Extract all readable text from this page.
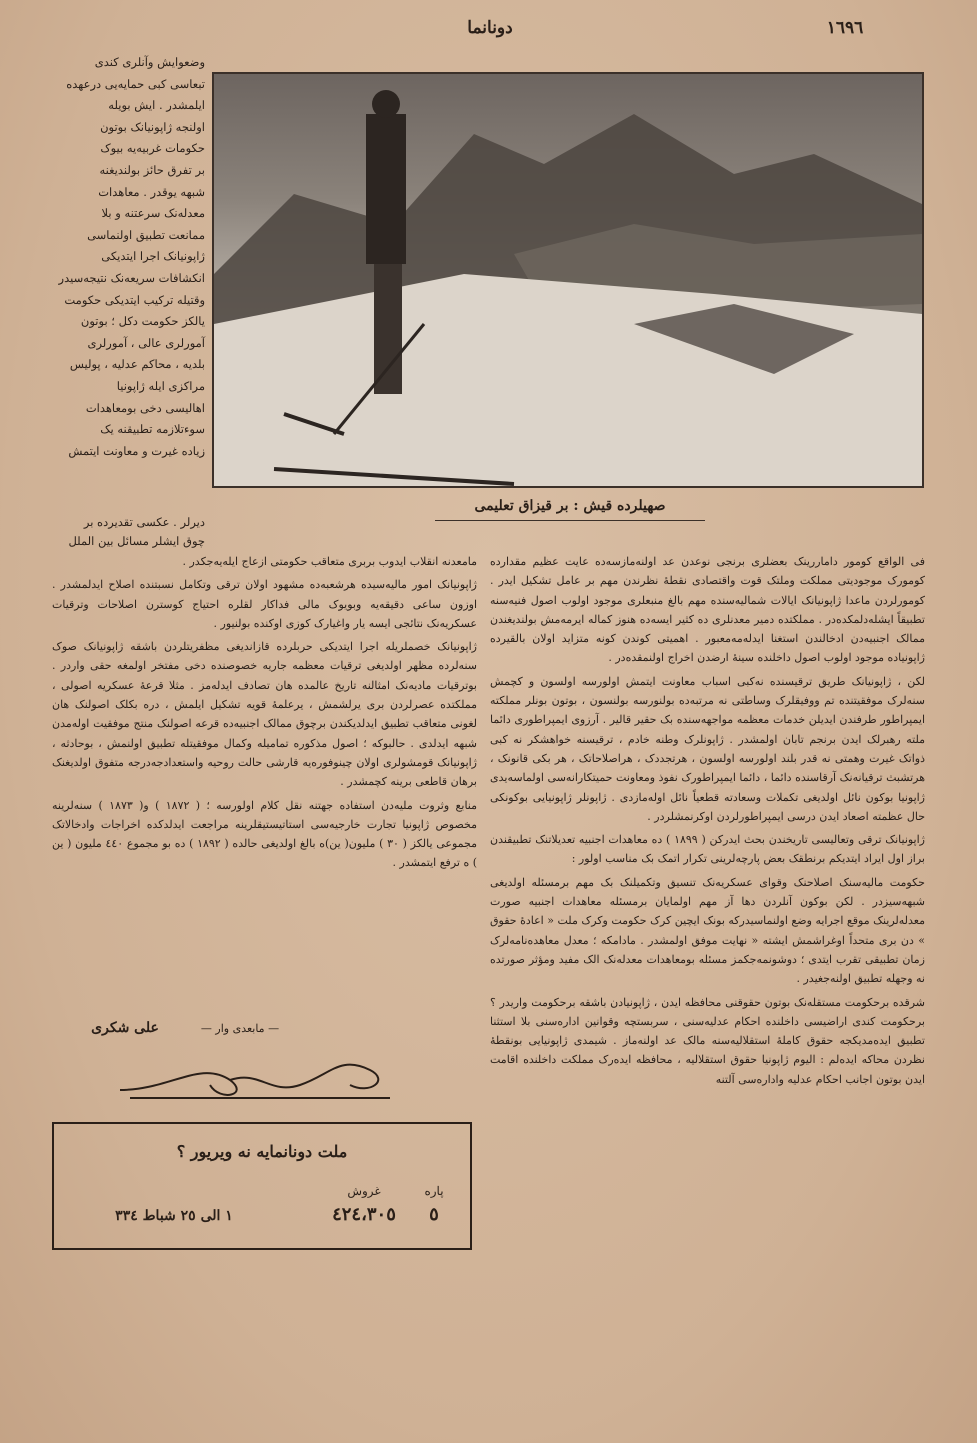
دونانما	١٦٩٦
وضعوایش وآنلری کندی
تبعاسی کبی حمایەیی درعهدە
ایلمشدر . ایش بویلە
اولنجە ژاپونیانک بوتون
حکومات غربیەیە بیوک
بر تفرق حائز بولندیغنە
شبهە یوقدر . معاهدات
معدلەنک سرعتنە و بلا
ممانعت تطبیق اولنماسی
ژاپونیانک اجرا ایتدیکی
انکشافات سریعەنک نتیجەسیدر
وقتیلە ترکیب ایتدیکی حکومت
یالکز حکومت دکل ؛ بوتون
آمورلری عالی ، آمورلری
بلدیە ، محاکم عدلیە ، پولیس
مراکزی ایلە ژاپونیا
اهالیسی دخی بومعاهدات
سوءتلازمە تطبیقنە یک
زیادە غیرت و معاونت ایتمش
دیرلر . عکسی تقدیردە بر
چوق ایشلر مسائل بین الملل
صهیلردە قیش : بر قیزاق تعلیمی

فی الواقع کومور داماررینک بعضلری برنجی نوعدن عد اولنەمازسەدە عایت عظیم مقداردە کومورک موجودیتی مملکت وملتک قوت واقتصادی نقطۀ نظرندن مهم بر عامل تشکیل ایدر . کومورلردن ماعدا ژاپونیانک ایالات شمالیەسندە مهم بالغ منبعلری موجود اولوب اصول فنیەسنە تطبیقاً ایشلەدلمکدەدر . مملکتدە دمیر معدنلری دە کثیر ایسەدە هنوز کماله ایرمەمش بولندیغندن ممالک اجنبیەدن ادخالندن استغنا ایدلەمەمعبور . اهمیتی کوندن کونە متزاید اولان بالقیردە ژاپونیادە موجود اولوب اصول داخلندە سینهٔ ارضدن اخراج اولنمقدەدر .

لکن ، ژاپونیانک طریق ترقیسندە نەکبی اسباب معاونت ایتمش اولورسە اولسون و کچمش سنەلرک موفقیتندە تم ووفیقلرک وساطتی نە مرتبەدە بولنورسە بولنسون ، بوتون بونلر مملکتە ایمپراطور طرفندن ایدیلن خدمات معظمە مواجهەسندە بک حقیر قالیر . آرزوی ایمپراطوری دائما ملتە رهبرلک ایدن برنجم تابان اولمشدر . ژاپونلرک وطنە خادم ، ترقیسنە خواهشکر نە کبی ذواتک غیرت وهمتی نە قدر بلند اولورسە اولسون ، هرتجددک ، هراصلاحاتک ، هر بکی قانونک ، هرتشبث ترقیانەنک آرقاسندە دائما ، دائما ایمپراطورک نفوذ ومعاونت حمیتکارانەسی اولماسەیدی ژاپونیا بوکون نائل اولدیغی تکملات وسعادتە قطعیاً نائل اولەمازدی . ژاپونلر ژاپونیایی بوکونکی حال عظمتە اصعاد ایدن درسی ایمپراطورلردن اوکرنمشلردر .

ژاپونیانک ترقی وتعالیسی تاریخندن بحث ایدرکن ( ١٨٩٩ ) دە معاهدات اجنبیە تعدیلاتنک تطبیقندن براز اول ایراد ایتدیکم برنطقک بعض پارچەلرینی تکرار اتمک بک مناسب اولور :

حکومت مالیەسنک اصلاحنک وقوای عسکریەنک تنسیق وتکمیلنک بک مهم برمسئلە اولدیغی شبهەسیزدر . لکن بوکون آنلردن دها آز مهم اولمایان برمسئلە معاهدات اجنبیە صورت معدلەلرینک موقع اجرایە وضع اولنماسیدرکە بونک ایچین کرک حکومت وکرک ملت « اعادهٔ حقوق » دن بری متحداً اوغراشمش ایشتە « نهایت موفق اولمشدر . مادامکە ؛ معدل معاهدەنامەلرک زمان تطبیقی تقرب ایتدی ؛ دوشونمەجکمز مسئلە بومعاهدات معدلەنک الک مفید ومؤثر صورتدە نە وجهلە تطبیق اولنەجغیدر .

شرقدە برحکومت مستقلەنک بوتون حقوقنی محافظە ایدن ، ژاپونیادن باشقە برحکومت واریدر ؟ برحکومت کندی اراضیسی داخلندە احکام عدلیەسنی ، سربستچە وقوانین ادارەسنی بلا استثنا تطبیق ایدەمدیکجە حقوق کاملۀ استقلالیەسنە مالک عد اولنەماز . شیمدی ژاپونیایی بونقطهٔ نظردن محاکە ایدەلم : الیوم ژاپونیا حقوق استقلالیە ، محافظە ایدەرک مملکت داخلندە اقامت ایدن بوتون اجانب احکام عدلیە وادارەسی آلتنە

مامعدنە انقلاب ایدوب بربری متعاقب حکومتی ازعاج ایلەیەجکدر .

ژاپونیانک امور مالیەسیدە هرشعبەدە مشهود اولان ترقی وتکامل نسبتندە اصلاح ایدلمشدر . اوزون ساعی دقیقەیە وبویوک مالی فداکار لقلرە احتیاج کوسترن اصلاحات وترقیات عسکریەنک نتائجی ایسە یار واغیارک کوزی اوکندە بولنیور .

ژاپونیانک خصملریلە اجرا ایتدیکی حربلردە قازاندیغی مظفریتلردن باشقە ژاپونیانک صوک سنەلردە مظهر اولدیغی ترقیات معظمە جاریە خصوصندە دخی مفتخر اولمغە حقی واردر . بوترقیات مادیەنک امثالنە تاریخ عالمدە هان تصادف ایدلەمز . مثلا قرعهٔ عسکریە اصولی ، مملکتدە عصرلردن بری یرلشمش ، یرعلمهٔ قویە تشکیل ایلمش ، دره بکلک اصولنک هان لغونی متعاقب تطبیق ایدلدیکندن برچوق ممالک اجنبیەدە قرعە اصولنک منتج موفقیت اولەمدن شبهە ایدلدی . حالبوکە ؛ اصول مذکورە تمامیلە وکمال موفقیتلە تطبیق اولنمش ، بوحادثە ، ژاپونیانک قومشولری اولان چینوفورەیە قارشی حالت روحیە واستعدادجەدرجە متفوق اولدیغنک برهان قاطعی برینە کچمشدر .

منابع وثروت ملیەدن استفادە جهتنە نقل کلام اولورسە ؛ ( ١٨٧٢ ) و( ١٨٧٣ ) سنەلرینە مخصوص ژاپونیا تجارت خارجیەسی استاتیستیقلرینە مراجعت ایدلدکدە اخراجات وادخالاتک مجموعی یالکز ( ٣٠ ) ملیون( ین)ە بالغ اولدیغی حالدە ( ١٨٩٢ ) دە بو مجموع ٤٤٠ ملیون ( ین ) ە ترفع ایتمشدر .

— مابعدی وار —
علی شکری
ملت دونانمایە نە ویریور ؟
پارە
غروش
٥
٤٢٤،٣٠٥
١ الی ٢٥ شباط ٣٣٤
